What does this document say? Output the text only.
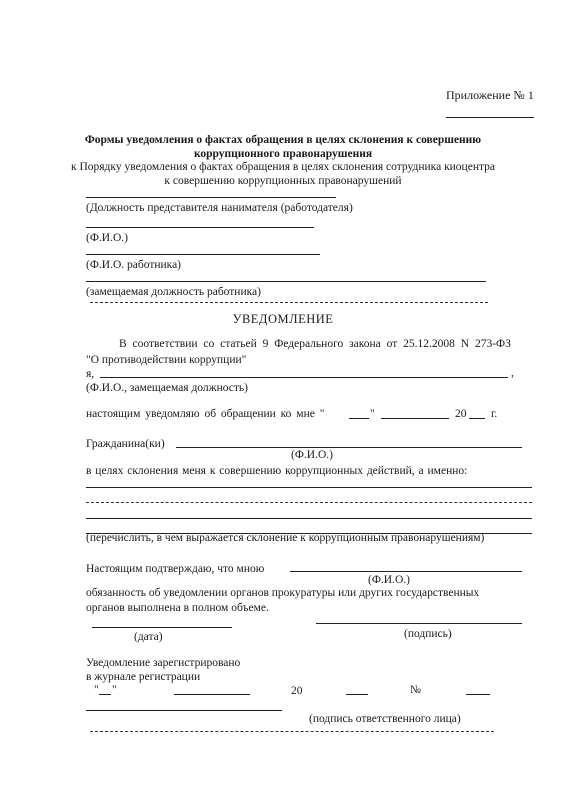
Приложение № 1
Формы уведомления о фактах обращения в целях склонения к совершению
коррупционного правонарушения
к Порядку уведомления о фактах обращения в целях склонения сотрудника киоцентра
к совершению коррупционных правонарушений
(Должность представителя нанимателя (работодателя)
(Ф.И.О.)
(Ф.И.О. работника)
(замещаемая должность работника)
УВЕДОМЛЕНИЕ
В соответствии со статьей 9 Федерального закона от 25.12.2008 N 273-ФЗ
"О противодействии коррупции"
я,	,
(Ф.И.О., замещаемая должность)
настоящим уведомляю об обращении ко мне "	"	20 г.
Гражданина(ки)
(Ф.И.О.)
в целях склонения меня к совершению коррупционных действий, а именно:
(перечислить, в чем выражается склонение к коррупционным правонарушениям)
Настоящим подтверждаю, что мною
(Ф.И.О.)
обязанность об уведомлении органов прокуратуры или других государственных
органов выполнена в полном объеме.
(дата)	(подпись)
Уведомление зарегистрировано
в журнале регистрации
" "	20	№
(подпись ответственного лица)
